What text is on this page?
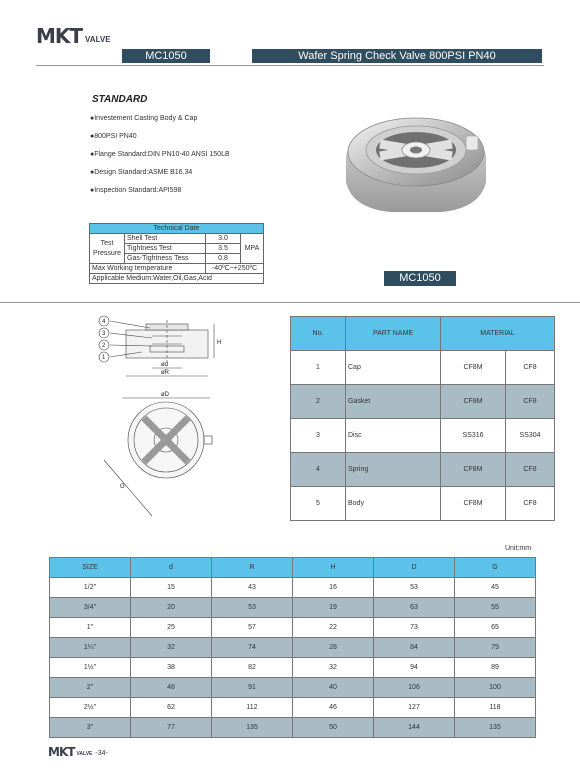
MKT VALVE
MC1050	Wafer Spring Check Valve 800PSI PN40
STANDARD
●Investement Casting Body & Cap
●800PSI PN40
●Flange Standard:DIN PN10-40 ANSI 150LB
●Design Standard:ASME B16.34
●Inspection Standard:API598
Technical Date			
Test Pressure	Shell Test	3.0	MPA
	Tightness Test	3.5	
	Gas-Tightness Tess	0.8	
Max Working temperature		-40ºC~+250ºC	
Applicable Medium:Water,Oil,Gas,Acid				MC1050
4
3
2
1
H
ød
øR
øD
G
No.	PART NAME	MATERIAL	
1	Cap	CF8M	CF8
2	Gasket	CF8M	CF8
3	Disc	SS316	SS304
4	Spring	CF8M	CF8
5	Body	CF8M	CF8
Unit:mm
SIZE	d	R	H	D	G
1/2"	15	43	16	53	45
3/4"	20	53	19	63	55
1"	25	57	22	73	65
1¼"	32	74	28	84	79
1½"	38	82	32	94	89
2"	48	91	40	106	100
2½"	62	112	46	127	118
3"	77	135	50	144	135
MKT VALVE -34-
